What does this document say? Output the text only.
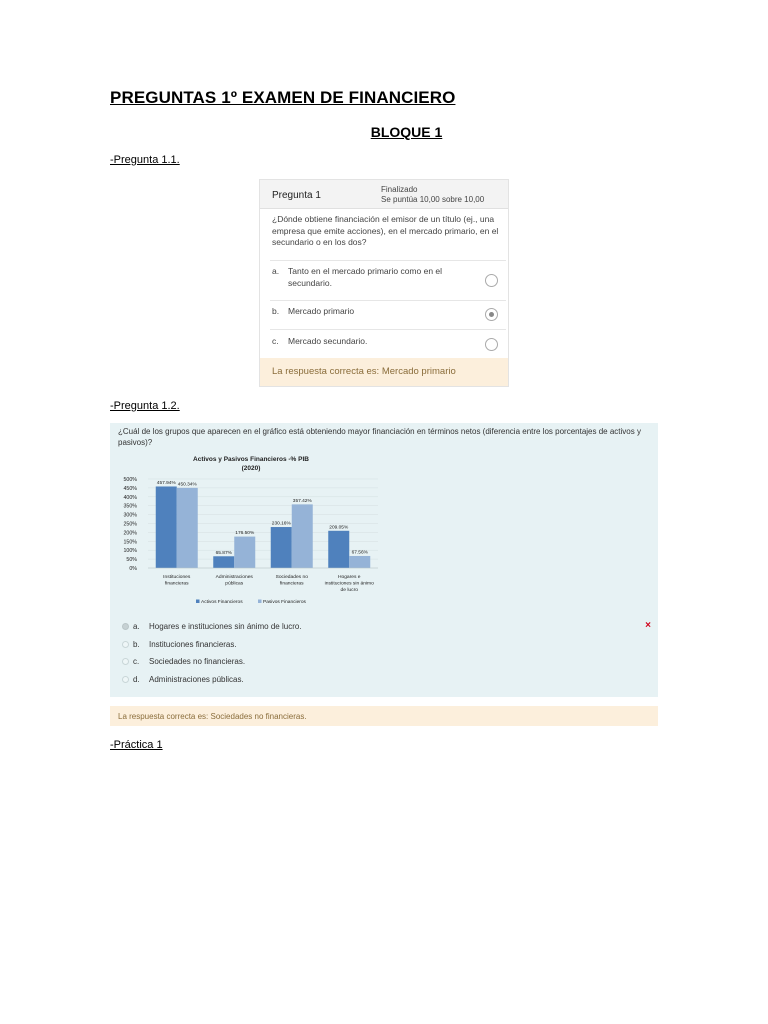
PREGUNTAS 1º EXAMEN DE FINANCIERO
BLOQUE 1
-Pregunta 1.1.
Pregunta 1
Finalizado
Se puntúa 10,00 sobre 10,00
¿Dónde obtiene financiación el emisor de un título (ej., una empresa que emite acciones), en el mercado primario, en el secundario o en los dos?
a. Tanto en el mercado primario como en el secundario.
b. Mercado primario
c. Mercado secundario.
La respuesta correcta es: Mercado primario
-Pregunta 1.2.
¿Cuál de los grupos que aparecen en el gráfico está obteniendo mayor financiación en términos netos (diferencia entre los porcentajes de activos y pasivos)?
Activos y Pasivos Financieros -% PIB
(2020)
0%
50%
100%
150%
200%
250%
300%
350%
400%
450%
500%
457.94% 450.34%
65.87%
176.50%
230.16%
357.42%
209.05%
67.56%
Instituciones
financieras
Administraciones
públicas
Sociedades no
financieras
Hogares e
instituciones sin ánimo
de lucro
Activos Financieros	Pasivos Financieros
a. Hogares e instituciones sin ánimo de lucro.	×
b. Instituciones financieras.
c. Sociedades no financieras.
d. Administraciones públicas.
La respuesta correcta es: Sociedades no financieras.
-Práctica 1
